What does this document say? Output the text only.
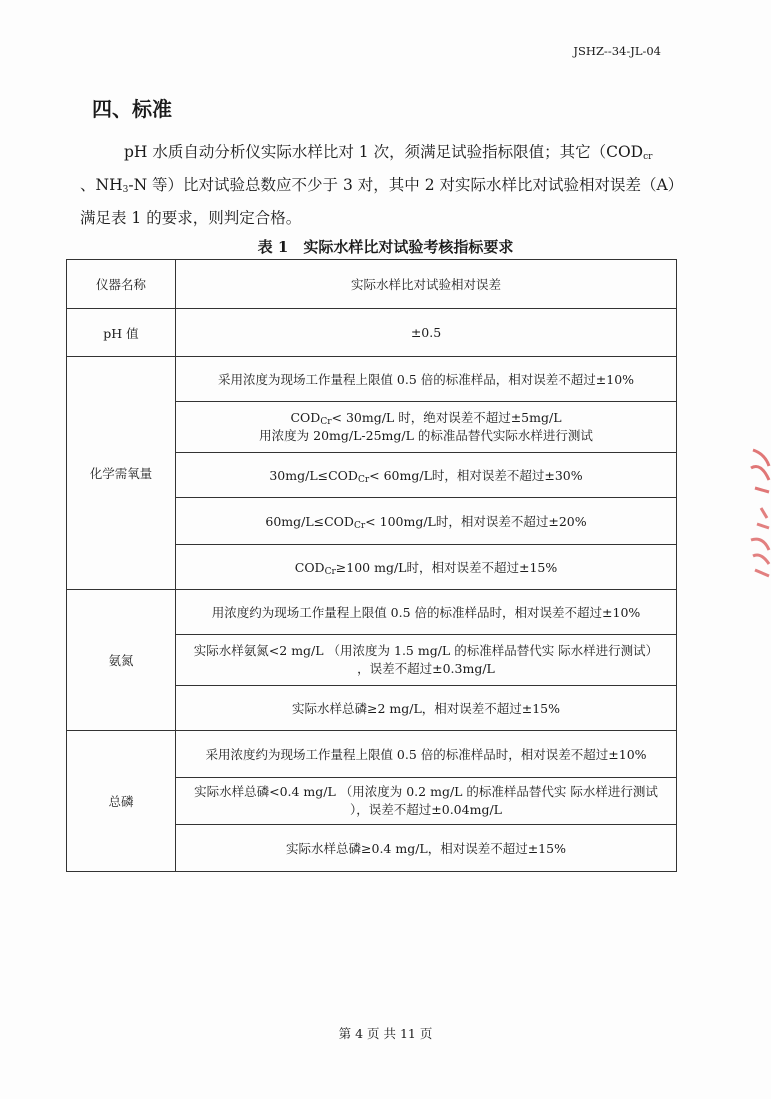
JSHZ--34-JL-04
四、标准

pH 水质自动分析仪实际水样比对 1 次，须满足试验指标限值；其它（$COD_{cr}$
、$NH_3-N$ 等）比对试验总数应不少于 3 对，其中 2 对实际水样比对试验相对误差（A）满足表 1 的要求，则判定合格。

表 1　实际水样比对试验考核指标要求
仪器名称	实际水样比对试验相对误差
pH 值	±0.5
化学需氧量	采用浓度为现场工作量程上限值 0.5 倍的标准样品，相对误差不超过±10%
	$COD_{Cr}< 30mg/L$ 时，绝对误差不超过±5mg/L
用浓度为 20mg/L-25mg/L 的标准品替代实际水样进行测试
	$30mg/L\le COD_{Cr}< 60mg/L$时，相对误差不超过±30%
	$60mg/L\le COD_{Cr}< 100mg/L$时，相对误差不超过±20%
	$COD_{Cr}\ge 100$ mg/L时，相对误差不超过±15%
氨氮	用浓度约为现场工作量程上限值 0.5 倍的标准样品时，相对误差不超过±10%
	实际水样氨氮<2 mg/L （用浓度为 1.5 mg/L 的标准样品替代实 际水样进行测试）
，误差不超过±0.3mg/L
	实际水样总磷≥2 mg/L，相对误差不超过±15%
总磷	采用浓度约为现场工作量程上限值 0.5 倍的标准样品时，相对误差不超过±10%
	实际水样总磷<0.4 mg/L （用浓度为 0.2 mg/L 的标准样品替代实 际水样进行测试
），误差不超过±0.04mg/L
	实际水样总磷≥0.4 mg/L，相对误差不超过±15%
第 4 页 共 11 页
